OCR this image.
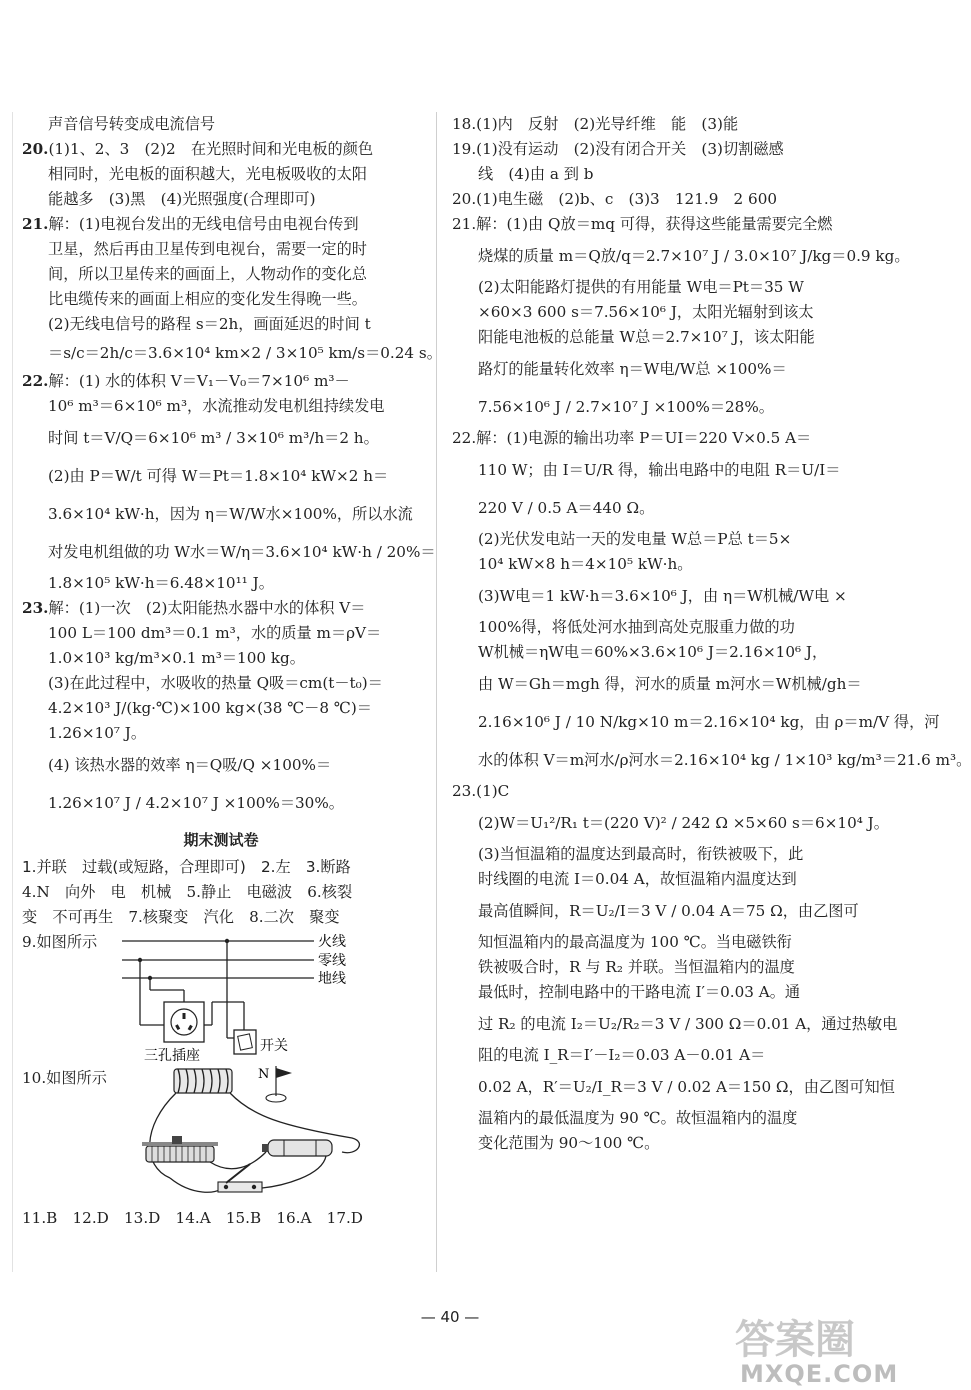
声音信号转变成电流信号

20.(1)1、2、3　(2)2　在光照时间和光电板的颜色

相同时，光电板的面积越大，光电板吸收的太阳

能越多　(3)黑　(4)光照强度(合理即可)

21.解：(1)电视台发出的无线电信号由电视台传到

卫星，然后再由卫星传到电视台，需要一定的时

间，所以卫星传来的画面上，人物动作的变化总

比电缆传来的画面上相应的变化发生得晚一些。

(2)无线电信号的路程 s＝2h，画面延迟的时间 t

＝s/c＝2h/c＝3.6×10⁴ km×2 / 3×10⁵ km/s＝0.24 s。

22.解：(1) 水的体积 V＝V₁－V₀＝7×10⁶ m³－

10⁶ m³＝6×10⁶ m³，水流推动发电机组持续发电

时间 t＝V/Q＝6×10⁶ m³ / 3×10⁶ m³/h＝2 h。

(2)由 P＝W/t 可得 W＝Pt＝1.8×10⁴ kW×2 h＝

3.6×10⁴ kW·h，因为 η＝W/W水×100%，所以水流

对发电机组做的功 W水＝W/η＝3.6×10⁴ kW·h / 20%＝

1.8×10⁵ kW·h＝6.48×10¹¹ J。

23.解：(1)一次　(2)太阳能热水器中水的体积 V＝

100 L＝100 dm³＝0.1 m³，水的质量 m＝ρV＝

1.0×10³ kg/m³×0.1 m³＝100 kg。

(3)在此过程中，水吸收的热量 Q吸＝cm(t－t₀)＝

4.2×10³ J/(kg·℃)×100 kg×(38 ℃－8 ℃)＝

1.26×10⁷ J。

(4) 该热水器的效率 η＝Q吸/Q ×100%＝

1.26×10⁷ J / 4.2×10⁷ J ×100%＝30%。

期末测试卷

1.并联　过载(或短路，合理即可)　2.左　3.断路

4.N　向外　电　机械　5.静止　电磁波　6.核裂

变　不可再生　7.核聚变　汽化　8.二次　聚变

9.如图所示	火线
零线
地线
开关
三孔插座

10.如图所示	N

11.B　12.D　13.D　14.A　15.B　16.A　17.D

18.(1)内　反射　(2)光导纤维　能　(3)能

19.(1)没有运动　(2)没有闭合开关　(3)切割磁感

线　(4)由 a 到 b

20.(1)电生磁　(2)b、c　(3)3　121.9　2 600

21.解：(1)由 Q放＝mq 可得，获得这些能量需要完全燃

烧煤的质量 m＝Q放/q＝2.7×10⁷ J / 3.0×10⁷ J/kg＝0.9 kg。

(2)太阳能路灯提供的有用能量 W电＝Pt＝35 W

×60×3 600 s＝7.56×10⁶ J，太阳光辐射到该太

阳能电池板的总能量 W总＝2.7×10⁷ J，该太阳能

路灯的能量转化效率 η＝W电/W总 ×100%＝

7.56×10⁶ J / 2.7×10⁷ J ×100%＝28%。

22.解：(1)电源的输出功率 P＝UI＝220 V×0.5 A＝

110 W；由 I＝U/R 得，输出电路中的电阻 R＝U/I＝

220 V / 0.5 A＝440 Ω。

(2)光伏发电站一天的发电量 W总＝P总 t＝5×

10⁴ kW×8 h＝4×10⁵ kW·h。

(3)W电＝1 kW·h＝3.6×10⁶ J，由 η＝W机械/W电 ×

100%得，将低处河水抽到高处克服重力做的功

W机械＝ηW电＝60%×3.6×10⁶ J＝2.16×10⁶ J，

由 W＝Gh＝mgh 得，河水的质量 m河水＝W机械/gh＝

2.16×10⁶ J / 10 N/kg×10 m＝2.16×10⁴ kg，由 ρ＝m/V 得，河

水的体积 V＝m河水/ρ河水＝2.16×10⁴ kg / 1×10³ kg/m³＝21.6 m³。

23.(1)C

(2)W＝U₁²/R₁ t＝(220 V)² / 242 Ω ×5×60 s＝6×10⁴ J。

(3)当恒温箱的温度达到最高时，衔铁被吸下，此

时线圈的电流 I＝0.04 A，故恒温箱内温度达到

最高值瞬间，R＝U₂/I＝3 V / 0.04 A＝75 Ω，由乙图可

知恒温箱内的最高温度为 100 ℃。当电磁铁衔

铁被吸合时，R 与 R₂ 并联。当恒温箱内的温度

最低时，控制电路中的干路电流 I′＝0.03 A。通

过 R₂ 的电流 I₂＝U₂/R₂＝3 V / 300 Ω＝0.01 A，通过热敏电

阻的电流 I_R＝I′－I₂＝0.03 A－0.01 A＝

0.02 A，R′＝U₂/I_R＝3 V / 0.02 A＝150 Ω，由乙图可知恒

温箱内的最低温度为 90 ℃。故恒温箱内的温度

变化范围为 90～100 ℃。

— 40 —	答案圈
MXQE.COM
